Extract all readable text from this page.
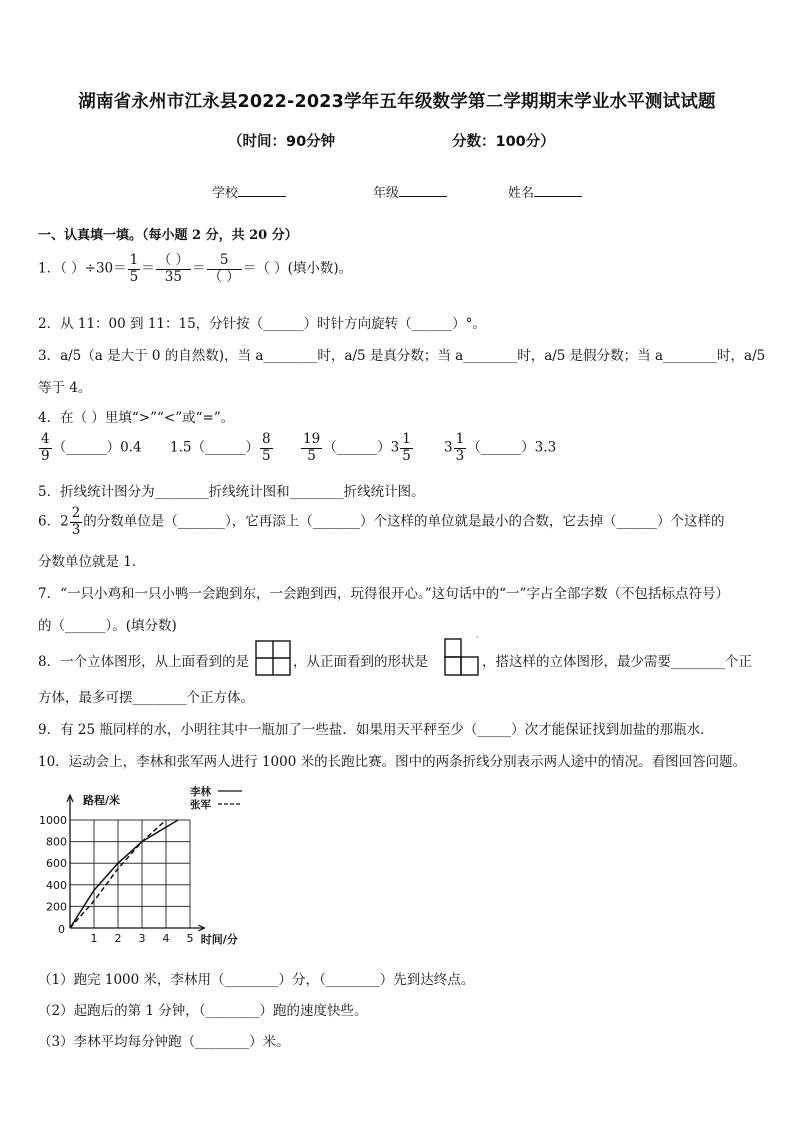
湖南省永州市江永县2022-2023学年五年级数学第二学期期末学业水平测试试题
（时间：90分钟	分数：100分）
学校	年级	姓名
一、认真填一填。（每小题 2 分，共 20 分）
1．（ ）$\div 30= \frac{1}{5} = \frac{( )}{35} = \frac{5}{( )}$ ＝（ ）(填小数)。
2．从 11：00 到 11：15，分针按（______）时针方向旋转（______）°。
3．a/5（a 是大于 0 的自然数)，当 a________时，a/5 是真分数；当 a________时，a/5 是假分数；当 a________时，a/5
等于 4。
4．在（ ）里填“>”“<”或“=”。
$\frac{4}{9}$ （______）0.4 1.5（______） $\frac{8}{5} \frac{19}{5}$ （______）3 $\frac{1}{5} 3 \frac{1}{3}$ （______）3.3
5．折线统计图分为________折线统计图和________折线统计图。
6．$2 \frac{2}{3}$ 的分数单位是（_______），它再添上（_______）个这样的单位就是最小的合数，它去掉（______）个这样的
分数单位就是 1．
7．“一只小鸡和一只小鸭一会跑到东，一会跑到西，玩得很开心。”这句话中的“一”字占全部字数（不包括标点符号）
的（______）。(填分数)
8．一个立体图形，从上面看到的是	，从正面看到的形状是	，搭这样的立体图形，最少需要________个正
方体，最多可摆________个正方体。
9．有 25 瓶同样的水，小明往其中一瓶加了一些盐．如果用天平秤至少（_____）次才能保证找到加盐的那瓶水．
10．运动会上，李林和张军两人进行 1000 米的长跑比赛。图中的两条折线分别表示两人途中的情况。看图回答问题。
1 2 3 4 5
200
400
600
800
1000
0
路程/米
时间/分
李林
张军
（1）跑完 1000 米，李林用（________）分，（________）先到达终点。
（2）起跑后的第 1 分钟，（________）跑的速度快些。
（3）李林平均每分钟跑（________）米。
